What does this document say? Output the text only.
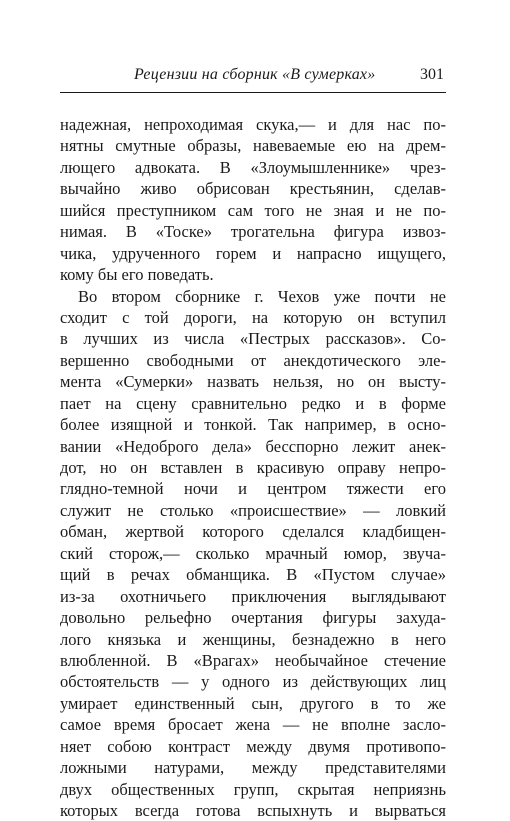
Рецензии на сборник «В сумерках»	301
надежная, непроходимая скука,— и для нас по-
нятны смутные образы, навеваемые ею на дрем-
лющего адвоката. В «Злоумышленнике» чрез-
вычайно живо обрисован крестьянин, сделав-
шийся преступником сам того не зная и не по-
нимая. В «Тоске» трогательна фигура извоз-
чика, удрученного горем и напрасно ищущего,
кому бы его поведать.
Во втором сборнике г. Чехов уже почти не
сходит с той дороги, на которую он вступил
в лучших из числа «Пестрых рассказов». Со-
вершенно свободными от анекдотического эле-
мента «Сумерки» назвать нельзя, но он высту-
пает на сцену сравнительно редко и в форме
более изящной и тонкой. Так например, в осно-
вании «Недоброго дела» бесспорно лежит анек-
дот, но он вставлен в красивую оправу непро-
глядно-темной ночи и центром тяжести его
служит не столько «происшествие» — ловкий
обман, жертвой которого сделался кладбищен-
ский сторож,— сколько мрачный юмор, звуча-
щий в речах обманщика. В «Пустом случае»
из-за охотничьего приключения выглядывают
довольно рельефно очертания фигуры захуда-
лого князька и женщины, безнадежно в него
влюбленной. В «Врагах» необычайное стечение
обстоятельств — у одного из действующих лиц
умирает единственный сын, другого в то же
самое время бросает жена — не вполне засло-
няет собою контраст между двумя противопо-
ложными натурами, между представителями
двух общественных групп, скрытая неприязнь
которых всегда готова вспыхнуть и вырваться
